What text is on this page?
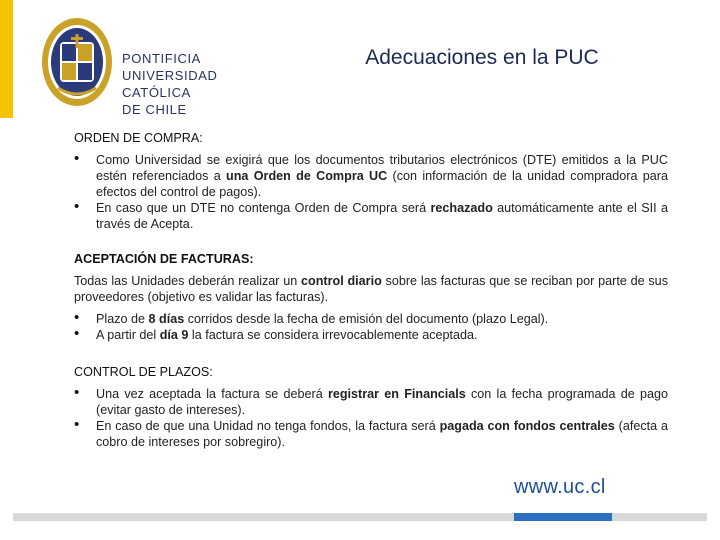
PONTIFICIA
UNIVERSIDAD
CATÓLICA
DE CHILE
Adecuaciones en la PUC
ORDEN DE COMPRA:
• Como Universidad se exigirá que los documentos tributarios electrónicos (DTE) emitidos a la PUC estén referenciados a una Orden de Compra UC (con información de la unidad compradora para efectos del control de pagos).
• En caso que un DTE no contenga Orden de Compra será rechazado automáticamente ante el SII a través de Acepta.
ACEPTACIÓN DE FACTURAS:
Todas las Unidades deberán realizar un control diario sobre las facturas que se reciban por parte de sus proveedores (objetivo es validar las facturas).
• Plazo de 8 días corridos desde la fecha de emisión del documento (plazo Legal).
• A partir del día 9 la factura se considera irrevocablemente aceptada.
CONTROL DE PLAZOS:
• Una vez aceptada la factura se deberá registrar en Financials con la fecha programada de pago (evitar gasto de intereses).
• En caso de que una Unidad no tenga fondos, la factura será pagada con fondos centrales (afecta a cobro de intereses por sobregiro).
www.uc.cl
